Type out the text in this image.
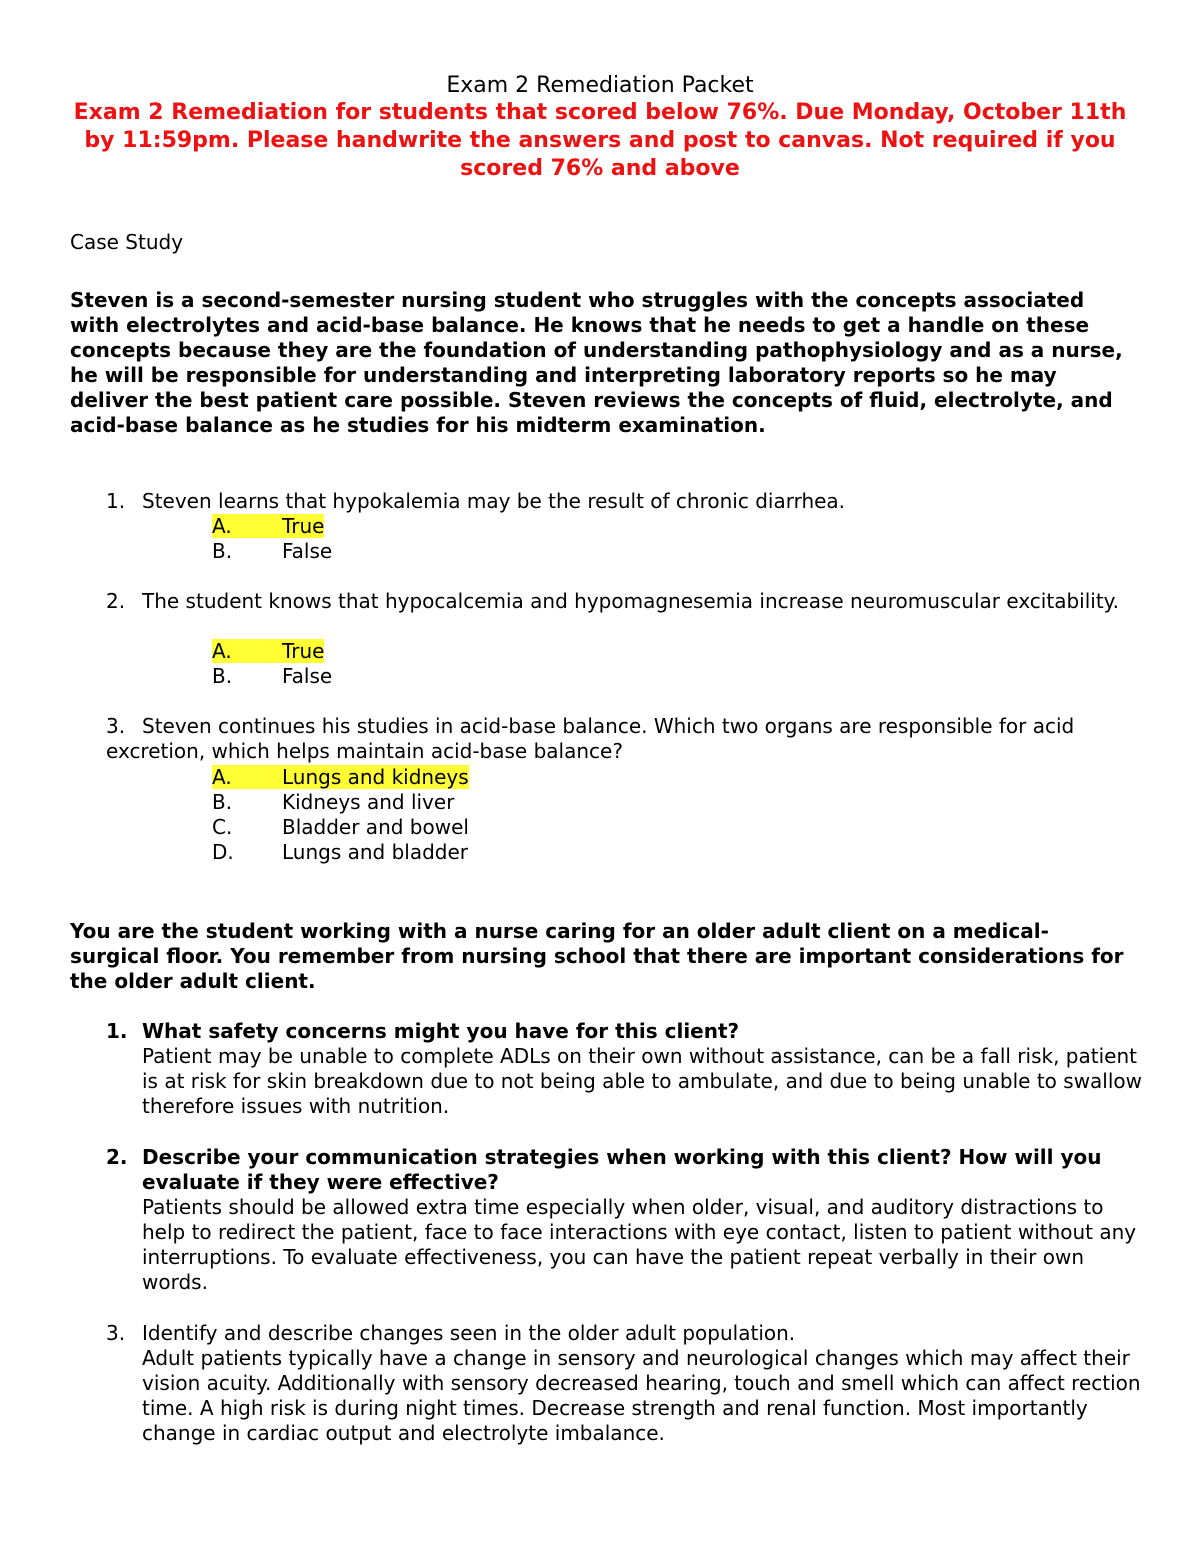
Exam 2 Remediation Packet
Exam 2 Remediation for students that scored below 76%. Due Monday, October 11th by 11:59pm. Please handwrite the answers and post to canvas. Not required if you scored 76% and above
Case Study
Steven is a second-semester nursing student who struggles with the concepts associated with electrolytes and acid-base balance. He knows that he needs to get a handle on these concepts because they are the foundation of understanding pathophysiology and as a nurse, he will be responsible for understanding and interpreting laboratory reports so he may deliver the best patient care possible. Steven reviews the concepts of fluid, electrolyte, and acid-base balance as he studies for his midterm examination.
1. Steven learns that hypokalemia may be the result of chronic diarrhea.
A.	True
B. False
2. The student knows that hypocalcemia and hypomagnesemia increase neuromuscular excitability.
A.	True
B. False
3. Steven continues his studies in acid-base balance. Which two organs are responsible for acid excretion, which helps maintain acid-base balance?
A.	Lungs and kidneys
B. Kidneys and liver
C. Bladder and bowel
D. Lungs and bladder
You are the student working with a nurse caring for an older adult client on a medical-surgical floor. You remember from nursing school that there are important considerations for the older adult client.
1. What safety concerns might you have for this client?
Patient may be unable to complete ADLs on their own without assistance, can be a fall risk, patient is at risk for skin breakdown due to not being able to ambulate, and due to being unable to swallow therefore issues with nutrition.
2. Describe your communication strategies when working with this client? How will you evaluate if they were effective?
Patients should be allowed extra time especially when older, visual, and auditory distractions to help to redirect the patient, face to face interactions with eye contact, listen to patient without any interruptions. To evaluate effectiveness, you can have the patient repeat verbally in their own words.
3. Identify and describe changes seen in the older adult population.
Adult patients typically have a change in sensory and neurological changes which may affect their vision acuity. Additionally with sensory decreased hearing, touch and smell which can affect rection time. A high risk is during night times. Decrease strength and renal function. Most importantly change in cardiac output and electrolyte imbalance.
